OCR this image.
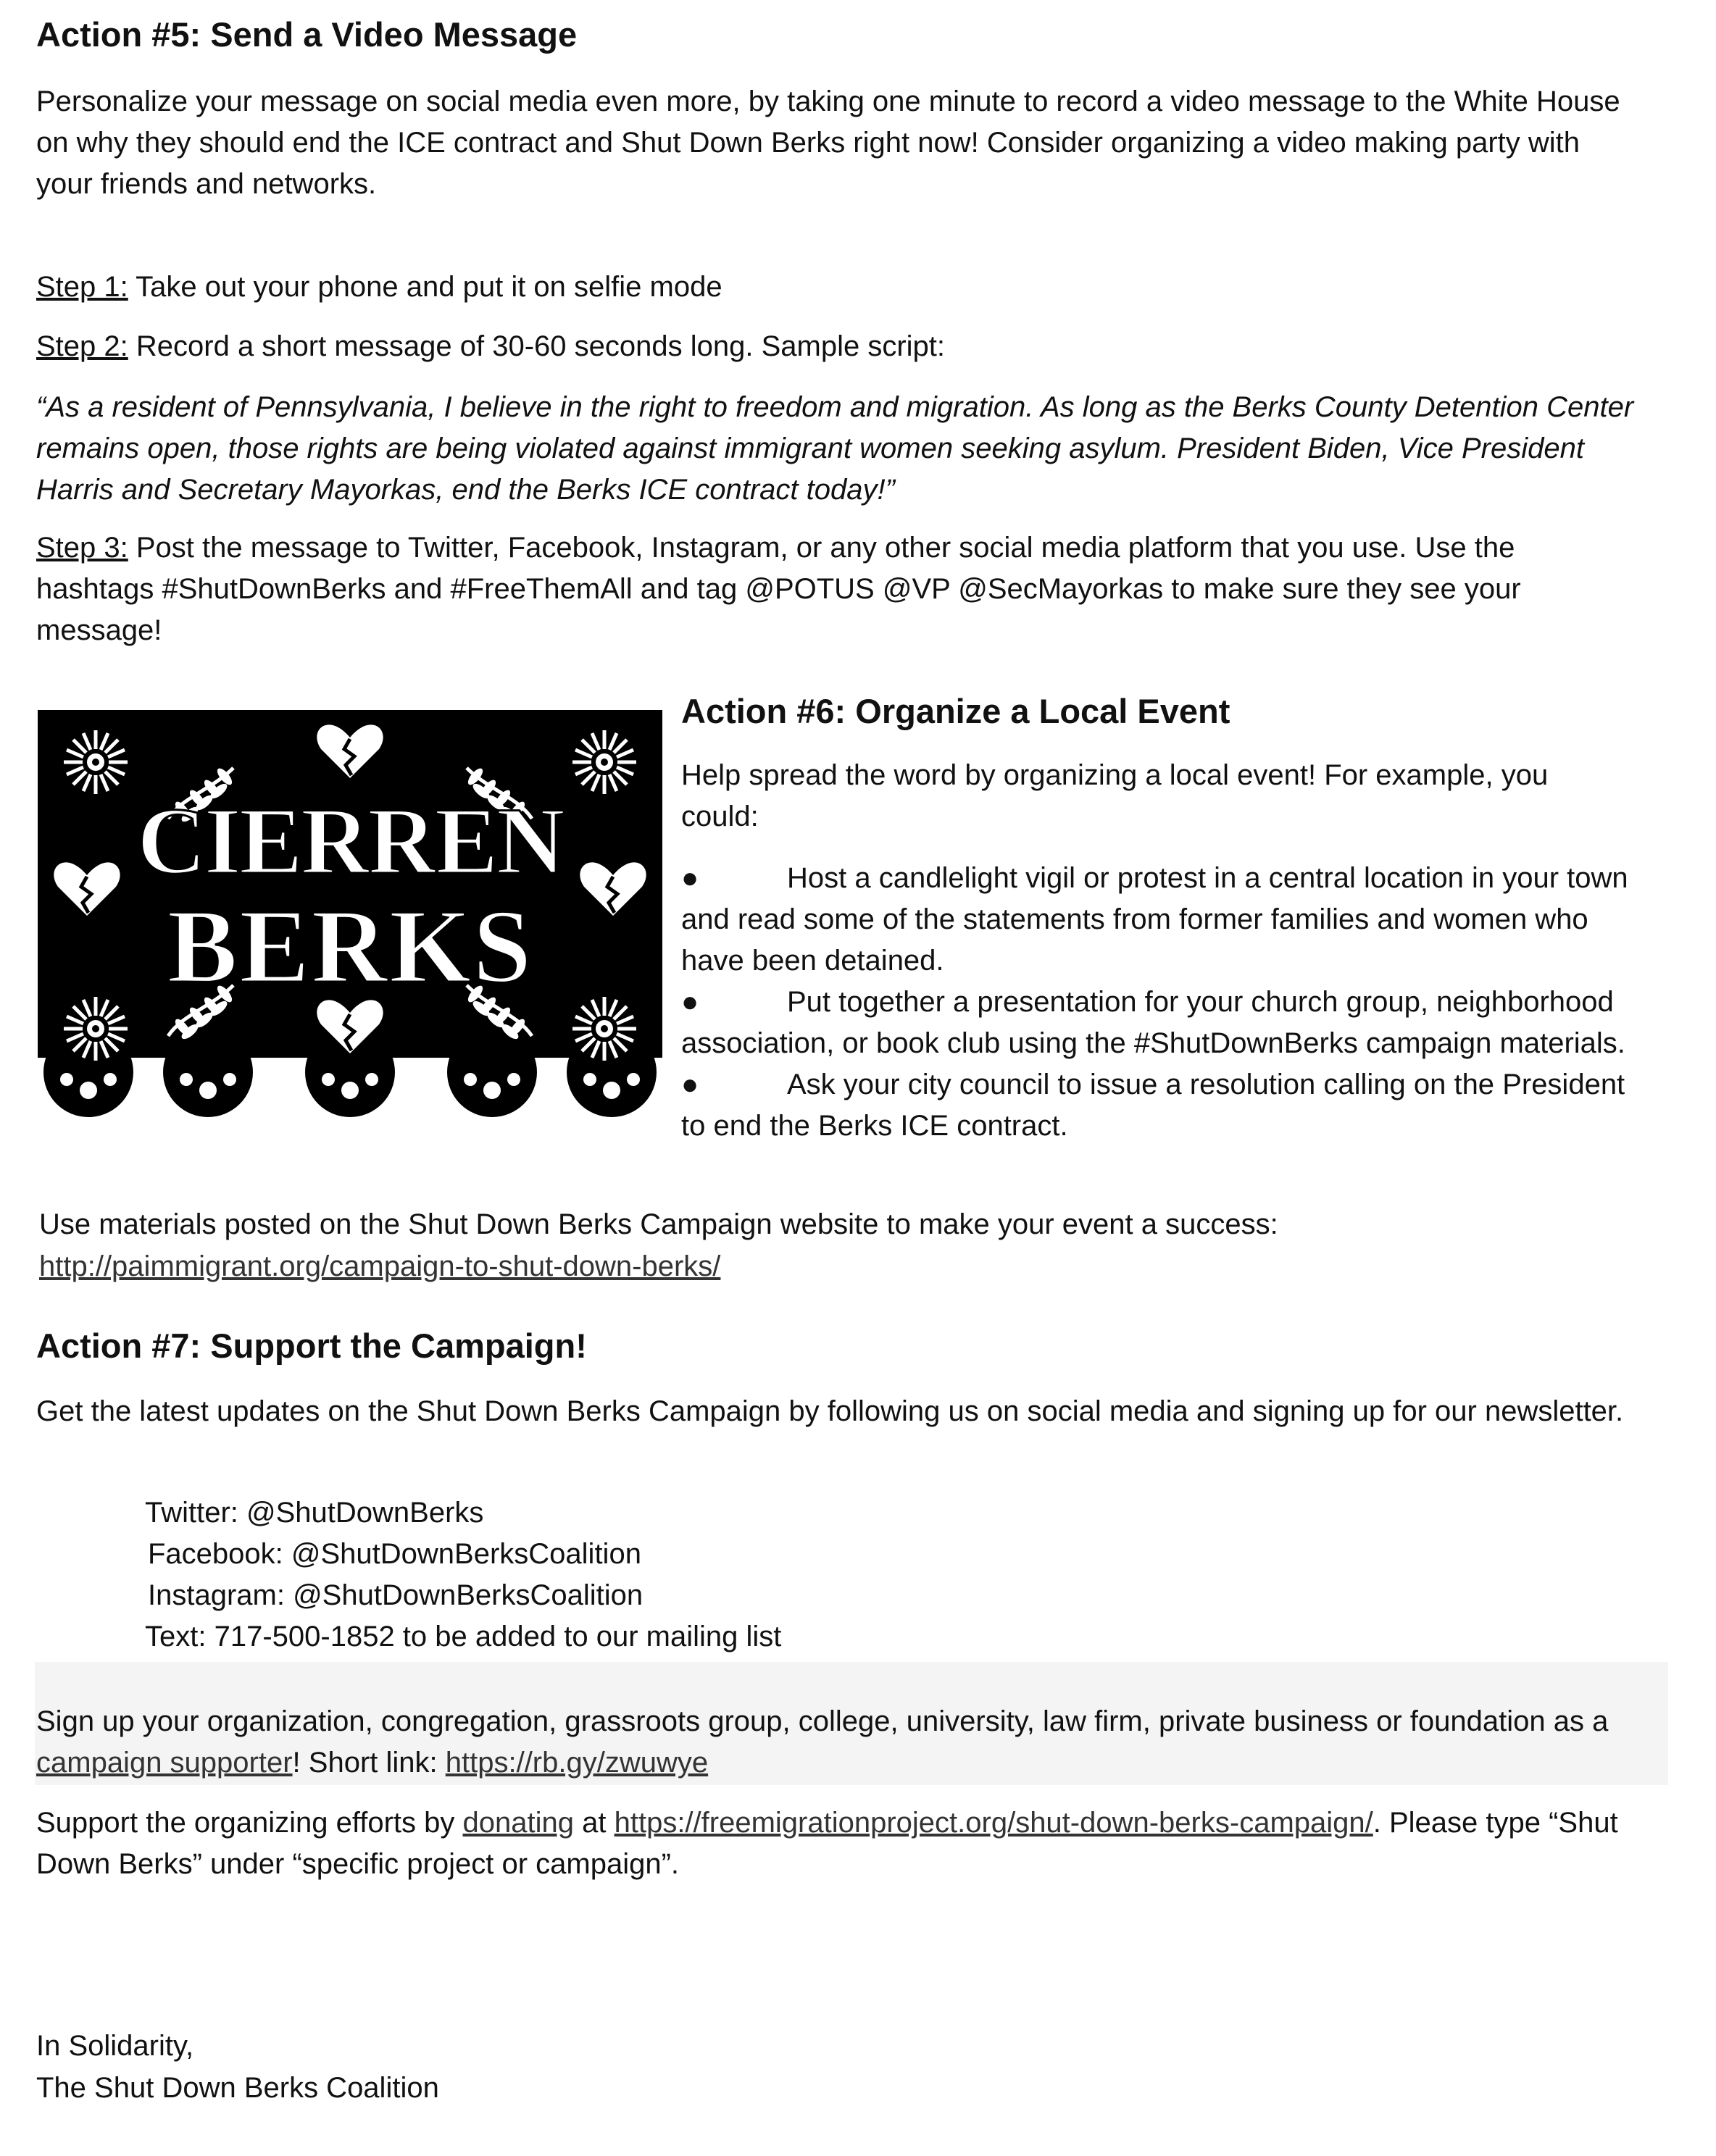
Action #5: Send a Video Message

Personalize your message on social media even more, by taking one minute to record a video message to the White House on why they should end the ICE contract and Shut Down Berks right now! Consider organizing a video making party with your friends and networks.

Step 1: Take out your phone and put it on selfie mode

Step 2: Record a short message of 30-60 seconds long. Sample script:

“As a resident of Pennsylvania, I believe in the right to freedom and migration. As long as the Berks County Detention Center remains open, those rights are being violated against immigrant women seeking asylum. President Biden, Vice President Harris and Secretary Mayorkas, end the Berks ICE contract today!”

Step 3: Post the message to Twitter, Facebook, Instagram, or any other social media platform that you use. Use the hashtags #ShutDownBerks and #FreeThemAll and tag @POTUS @VP @SecMayorkas to make sure they see your message!

CIERREN
BERKS
Action #6: Organize a Local Event

Help spread the word by organizing a local event! For example, you could:

●	Host a candlelight vigil or protest in a central location in your town and read some of the statements from former families and women who have been detained.

●	Put together a presentation for your church group, neighborhood association, or book club using the #ShutDownBerks campaign materials.

●	Ask your city council to issue a resolution calling on the President to end the Berks ICE contract.

Use materials posted on the Shut Down Berks Campaign website to make your event a success:

http://paimmigrant.org/campaign-to-shut-down-berks/

Action #7: Support the Campaign!

Get the latest updates on the Shut Down Berks Campaign by following us on social media and signing up for our newsletter.

Twitter: @ShutDownBerks
Facebook: @ShutDownBerksCoalition
Instagram: @ShutDownBerksCoalition
Text: 717-500-1852 to be added to our mailing list

Sign up your organization, congregation, grassroots group, college, university, law firm, private business or foundation as a campaign supporter! Short link: https://rb.gy/zwuwye

Support the organizing efforts by donating at https://freemigrationproject.org/shut-down-berks-campaign/. Please type “Shut Down Berks” under “specific project or campaign”.

In Solidarity,

The Shut Down Berks Coalition
